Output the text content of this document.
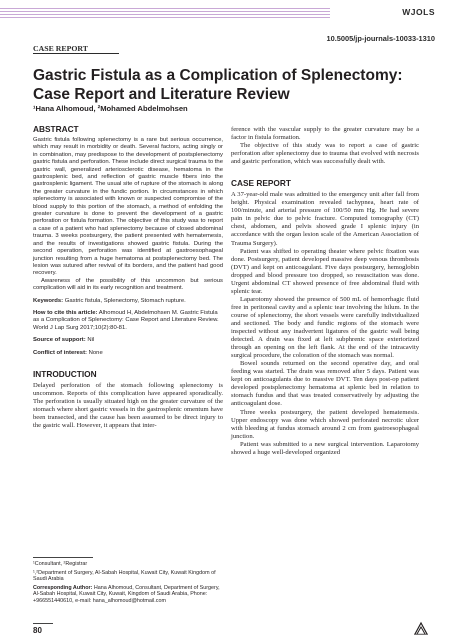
WJOLS
10.5005/jp-journals-10033-1310
CASE REPORT
Gastric Fistula as a Complication of Splenectomy: Case Report and Literature Review
¹Hana Alhomoud, ²Mohamed Abdelmohsen
ABSTRACT

Gastric fistula following splenectomy is a rare but serious occurrence, which may result in morbidity or death. Several factors, acting singly or in combination, may predispose to the development of postsplenectomy gastric fistula and perforation. These include direct surgical trauma to the gastric wall, generalized arteriosclerotic disease, hematoma in the gastrosplenic bed, and reflection of gastric muscle fibers into the gastrosplenic ligament. The usual site of rupture of the stomach is along the greater curvature in the fundic portion. In circumstances in which splenectomy is associated with known or suspected compromise of the blood supply to this portion of the stomach, a method of enfolding the greater curvature is done to prevent the development of a gastric perforation or fistula formation. The objective of this study was to report a case of a patient who had splenectomy because of closed abdominal trauma. 3 weeks postsurgery, the patient presented with hematemesis, and the results of investigations showed gastric fistula. During the second operation, perforation was identified at gastroesophageal junction resulting from a huge hematoma at postsplenectomy bed. The lesion was sutured after revival of its borders, and the patient had good recovery.

Awareness of the possibility of this uncommon but serious complication will aid in its early recognition and treatment.

Keywords: Gastric fistula, Splenectomy, Stomach rupture.

How to cite this article: Alhomoud H, Abdelmohsen M. Gastric Fistula as a Complication of Splenectomy: Case Report and Literature Review. World J Lap Surg 2017;10(2):80-81.

Source of support: Nil

Conflict of interest: None

INTRODUCTION

Delayed perforation of the stomach following splenectomy is uncommon. Reports of this complication have appeared sporadically. The perforation is usually situated high on the greater curvature of the stomach where short gastric vessels in the gastrosplenic omentum have been transected, and the cause has been assumed to be direct injury to the gastric wall. However, it appears that inter-

ference with the vascular supply to the greater curvature may be a factor in fistula formation.

The objective of this study was to report a case of gastric perforation after splenectomy due to trauma that evolved with necrosis and gastric perforation, which was successfully dealt with.

CASE REPORT

A 37-year-old male was admitted to the emergency unit after fall from height. Physical examination revealed tachypnea, heart rate of 100/minute, and arterial pressure of 100/50 mm Hg. He had severe pain in pelvic due to pelvic fracture. Computed tomography (CT) chest, abdomen, and pelvis showed grade I splenic injury (in accordance with the organ lesion scale of the American Association of Trauma Surgery).

Patient was shifted to operating theater where pelvic fixation was done. Postsurgery, patient developed massive deep venous thrombosis (DVT) and kept on anticoagulant. Five days postsurgery, hemoglobin dropped and blood pressure too dropped, so resuscitation was done. Urgent abdominal CT showed presence of free abdominal fluid with splenic tear.

Laparotomy showed the presence of 500 mL of hemorrhagic fluid free in peritoneal cavity and a splenic tear involving the hilum. In the course of splenectomy, the short vessels were carefully individualized and sectioned. The body and fundic regions of the stomach were inspected without any inadvertent ligatures of the gastric wall being detected. A drain was fixed at left subphrenic space exteriorized through an opening on the left flank. At the end of the intracavity surgical procedure, the coloration of the stomach was normal.

Bowel sounds returned on the second operative day, and oral feeding was started. The drain was removed after 5 days. Patient was kept on anticoagulants due to massive DVT. Ten days post-op patient developed postsplenectomy hematoma at splenic bed in relation to stomach fundus and that was treated conservatively by adjusting the anticoagulant dose.

Three weeks postsurgery, the patient developed hematemesis. Upper endoscopy was done which showed perforated necrotic ulcer with bleeding at fundus stomach around 2 cm from gastroesophageal junction.

Patient was submitted to a new surgical intervention. Laparotomy showed a huge well-developed organized

¹Consultant, ²Registrar

¹,²Department of Surgery, Al-Sabah Hospital, Kuwait City, Kuwait Kingdom of Saudi Arabia

Corresponding Author: Hana Alhomoud, Consultant, Department of Surgery, Al-Sabah Hospital, Kuwait City, Kuwait, Kingdom of Saudi Arabia, Phone: +966551440610, e-mail: hana_alhomoud@hotmail.com

80
